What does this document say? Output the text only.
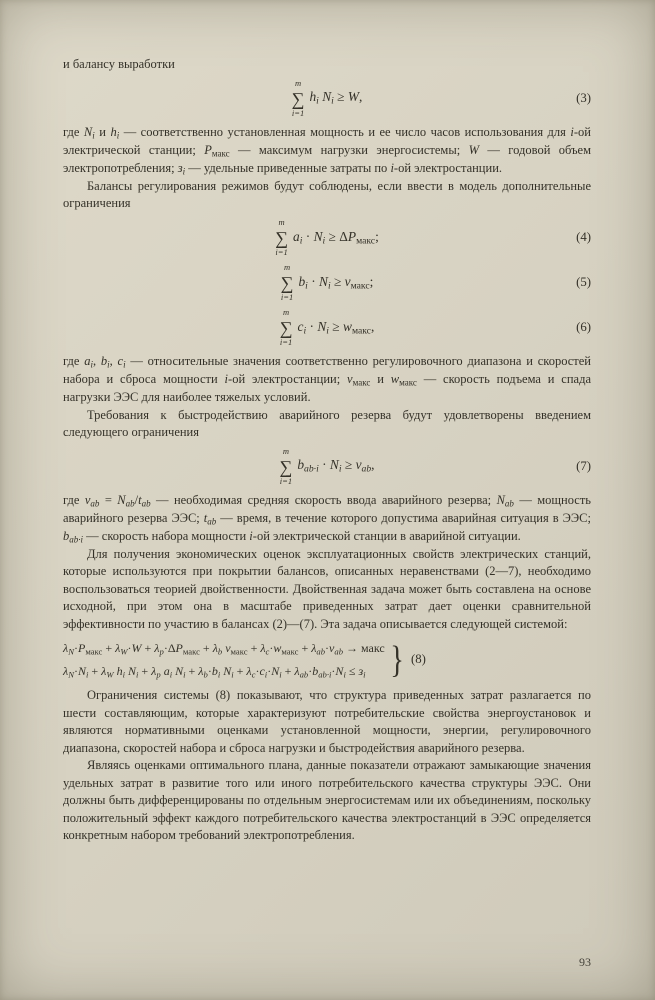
и балансу выработки

m
∑
i=1
$h_i$ $N_i \ge W$,	(3)

где $N_i$ и $h_i$ — соответственно установленная мощность и ее число часов использования для i-ой электрической станции; $P_{макс}$ — максимум нагрузки энергосистемы; W — годовой объем электропотребления; $з_i$ — удельные приведенные затраты по i-ой электростанции.

Балансы регулирования режимов будут соблюдены, если ввести в модель дополнительные ограничения

m
∑
i=1
$a_i \cdot N_i \ge \Delta P_{макс}$;	(4)
m
∑
i=1
$b_i \cdot N_i \ge v_{макс}$;	(5)
m
∑
i=1
$c_i \cdot N_i \ge w_{макс}$,	(6)

где $a_i$, $b_i$, $c_i$ — относительные значения соответственно регулировочного диапазона и скоростей набора и сброса мощности i-ой электростанции; $v_{макс}$ и $w_{макс}$ — скорость подъема и спада нагрузки ЭЭС для наиболее тяжелых условий.

Требования к быстродействию аварийного резерва будут удовлетворены введением следующего ограничения

m
∑
i=1
$b_{ab\cdot i} \cdot N_i \ge v_{ab}$,	(7)

где $v_{ab} = N_{ab}/t_{ab}$ — необходимая средняя скорость ввода аварийного резерва; $N_{ab}$ — мощность аварийного резерва ЭЭС; $t_{ab}$ — время, в течение которого допустима аварийная ситуация в ЭЭС; $b_{ab\cdot i}$ — скорость набора мощности i-ой электрической станции в аварийной ситуации.

Для получения экономических оценок эксплуатационных свойств электрических станций, которые используются при покрытии балансов, описанных неравенствами (2—7), необходимо воспользоваться теорией двойственности. Двойственная задача может быть составлена на основе исходной, при этом она в масштабе приведенных затрат дает оценки сравнительной эффективности по участию в балансах (2)—(7). Эта задача описывается следующей системой:

$\lambda_N\cdot P_{макс} + \lambda_W\cdot W + \lambda_p\cdot\Delta P_{макс} + \lambda_b$ $v_{макс} + \lambda_c\cdot w_{макс} + \lambda_{ab}\cdot v_{ab}$ → макс
$\lambda_N\cdot N_i + \lambda_W$ $h_i$ $N_i + \lambda_p$ $a_i$ $N_i + \lambda_b\cdot b_i$ $N_i + \lambda_c\cdot c_i\cdot N_i + \lambda_{ab}\cdot b_{ab\cdot i}\cdot N_i \le з_i$ } (8)

Ограничения системы (8) показывают, что структура приведенных затрат разлагается по шести составляющим, которые характеризуют потребительские свойства энергоустановок и являются нормативными оценками установленной мощности, энергии, регулировочного диапазона, скоростей набора и сброса нагрузки и быстродействия аварийного резерва.

Являясь оценками оптимального плана, данные показатели отражают замыкающие значения удельных затрат в развитие того или иного потребительского качества структуры ЭЭС. Они должны быть дифференцированы по отдельным энергосистемам или их объединениям, поскольку положительный эффект каждого потребительского качества электростанций в ЭЭС определяется конкретным набором требований электропотребления.

93
